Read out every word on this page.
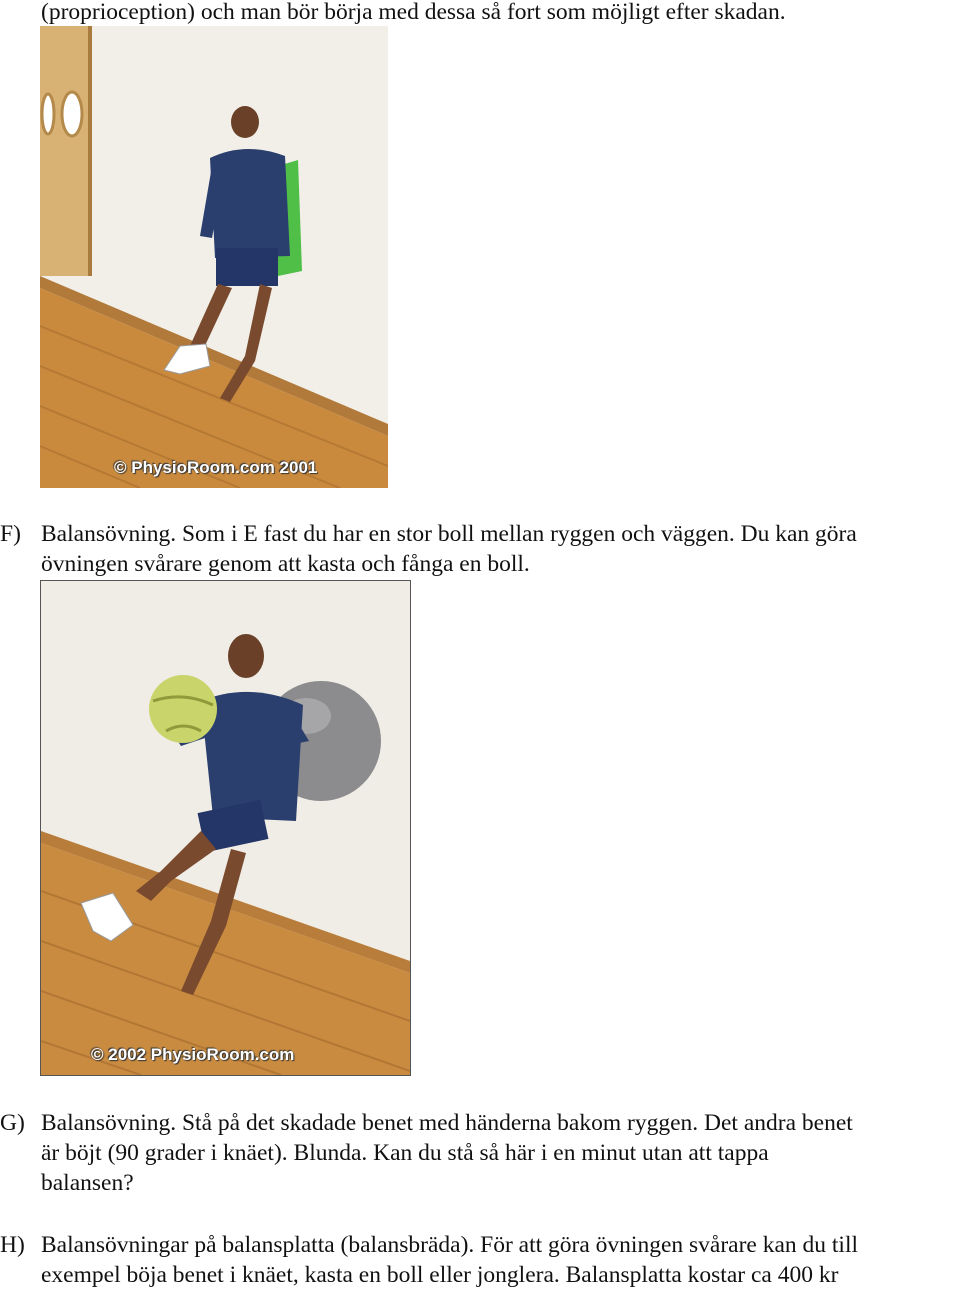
(proprioception) och man bör börja med dessa så fort som möjligt efter skadan.
© PhysioRoom.com 2001
F) Balansövning. Som i E fast du har en stor boll mellan ryggen och väggen. Du kan göra
övningen svårare genom att kasta och fånga en boll.
© 2002 PhysioRoom.com
G) Balansövning. Stå på det skadade benet med händerna bakom ryggen. Det andra benet
är böjt (90 grader i knäet). Blunda. Kan du stå så här i en minut utan att tappa
balansen?
H) Balansövningar på balansplatta (balansbräda). För att göra övningen svårare kan du till
exempel böja benet i knäet, kasta en boll eller jonglera. Balansplatta kostar ca 400 kr
